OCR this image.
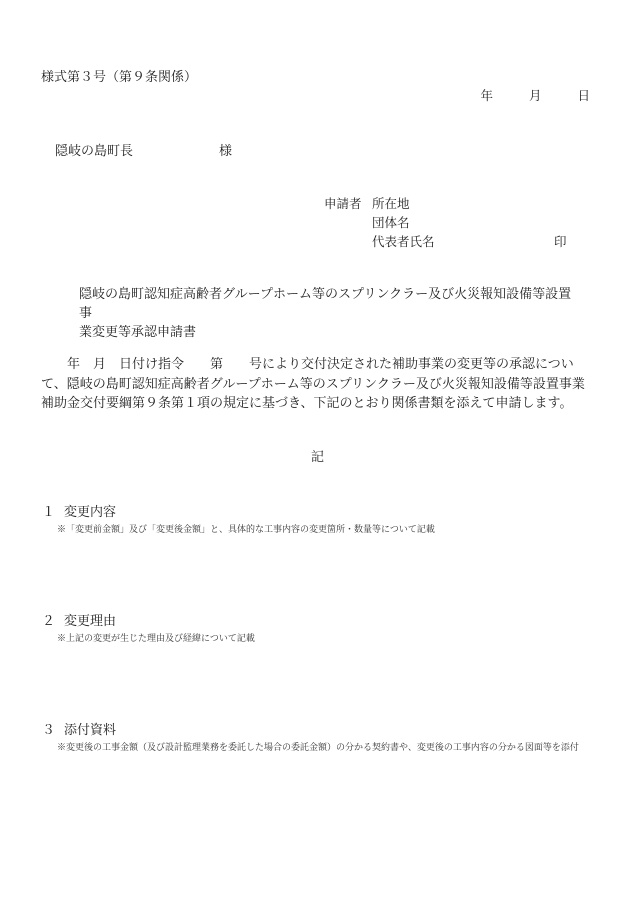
様式第３号（第９条関係）
年	月	日
隠岐の島町長	様
申請者 所在地
団体名
代表者氏名	印
隠岐の島町認知症高齢者グループホーム等のスプリンクラー及び火災報知設備等設置事
業変更等承認申請書
年　月　日付け指令　　第　　号により交付決定された補助事業の変更等の承認について、隠岐の島町認知症高齢者グループホーム等のスプリンクラー及び火災報知設備等設置事業補助金交付要綱第９条第１項の規定に基づき、下記のとおり関係書類を添えて申請します。
記
１ 変更内容
※「変更前金額」及び「変更後金額」と、具体的な工事内容の変更箇所・数量等について記載
２ 変更理由
※上記の変更が生じた理由及び経緯について記載
３ 添付資料
※変更後の工事金額（及び設計監理業務を委託した場合の委託金額）の分かる契約書や、変更後の工事内容の分かる図面等を添付
